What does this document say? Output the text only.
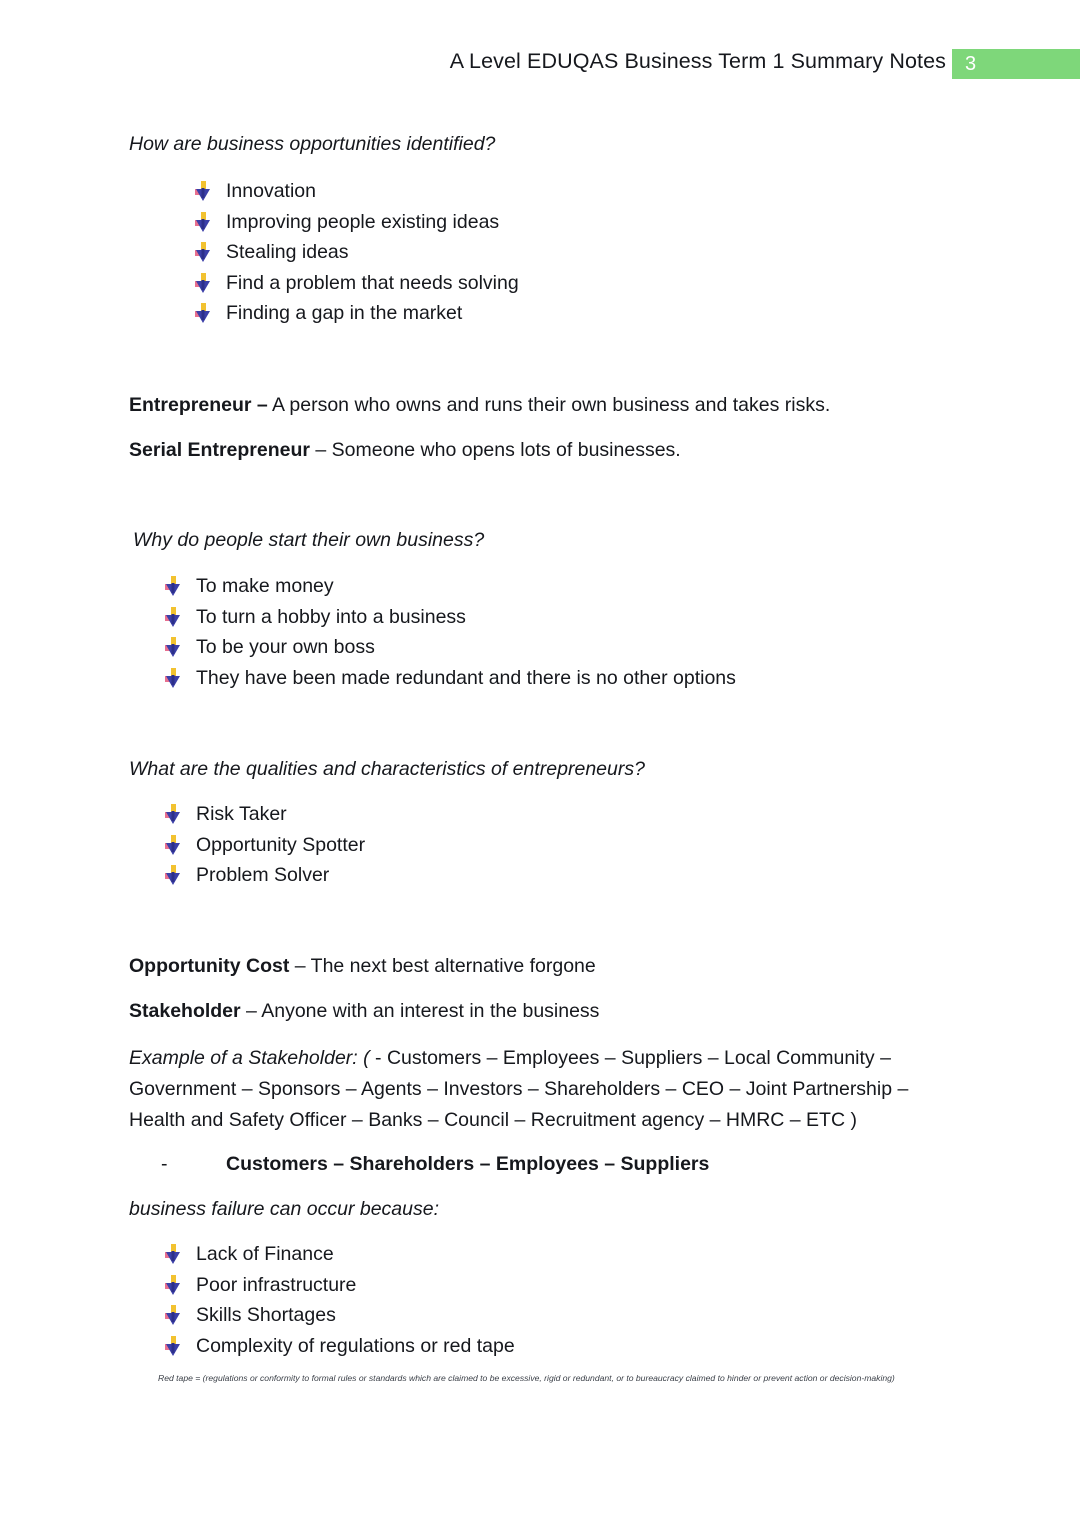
A Level EDUQAS Business Term 1 Summary Notes 3
How are business opportunities identified?
Innovation
Improving people existing ideas
Stealing ideas
Find a problem that needs solving
Finding a gap in the market
Entrepreneur – A person who owns and runs their own business and takes risks.
Serial Entrepreneur – Someone who opens lots of businesses.
Why do people start their own business?
To make money
To turn a hobby into a business
To be your own boss
They have been made redundant and there is no other options
What are the qualities and characteristics of entrepreneurs?
Risk Taker
Opportunity Spotter
Problem Solver
Opportunity Cost – The next best alternative forgone
Stakeholder – Anyone with an interest in the business
Example of a Stakeholder: ( - Customers – Employees – Suppliers – Local Community – Government – Sponsors – Agents – Investors – Shareholders – CEO – Joint Partnership – Health and Safety Officer – Banks – Council – Recruitment agency – HMRC – ETC )
-	Customers – Shareholders – Employees – Suppliers
business failure can occur because:
Lack of Finance
Poor infrastructure
Skills Shortages
Complexity of regulations or red tape
Red tape = (regulations or conformity to formal rules or standards which are claimed to be excessive, rigid or redundant, or to bureaucracy claimed to hinder or prevent action or decision-making)
